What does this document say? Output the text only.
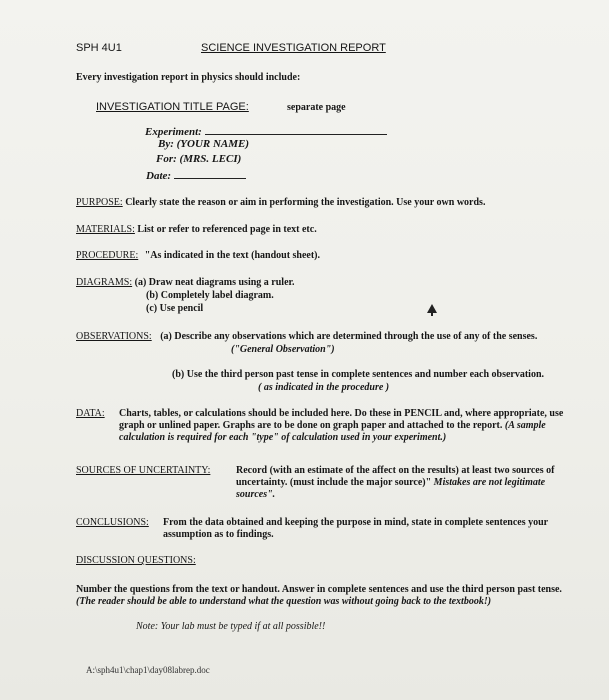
SPH 4U1	SCIENCE INVESTIGATION REPORT
Every investigation report in physics should include:
INVESTIGATION TITLE PAGE:	separate page
Experiment:
By: (YOUR NAME)
For: (MRS. LECI)
Date:
PURPOSE: Clearly state the reason or aim in performing the investigation. Use your own words.
MATERIALS: List or refer to referenced page in text etc.
PROCEDURE: "As indicated in the text (handout sheet).
DIAGRAMS: (a) Draw neat diagrams using a ruler.
(b) Completely label diagram.
(c) Use pencil
OBSERVATIONS: (a) Describe any observations which are determined through the use of any of the senses.
("General Observation")
(b) Use the third person past tense in complete sentences and number each observation.
( as indicated in the procedure )
DATA: Charts, tables, or calculations should be included here. Do these in PENCIL and, where appropriate, use graph or unlined paper. Graphs are to be done on graph paper and attached to the report. (A sample calculation is required for each "type" of calculation used in your experiment.)
SOURCES OF UNCERTAINTY:	Record (with an estimate of the affect on the results) at least two sources of uncertainty. (must include the major source)" Mistakes are not legitimate sources".
CONCLUSIONS: From the data obtained and keeping the purpose in mind, state in complete sentences your assumption as to findings.
DISCUSSION QUESTIONS:
Number the questions from the text or handout. Answer in complete sentences and use the third person past tense. (The reader should be able to understand what the question was without going back to the textbook!)
Note: Your lab must be typed if at all possible!!
A:\sph4u1\chap1\day08labrep.doc
